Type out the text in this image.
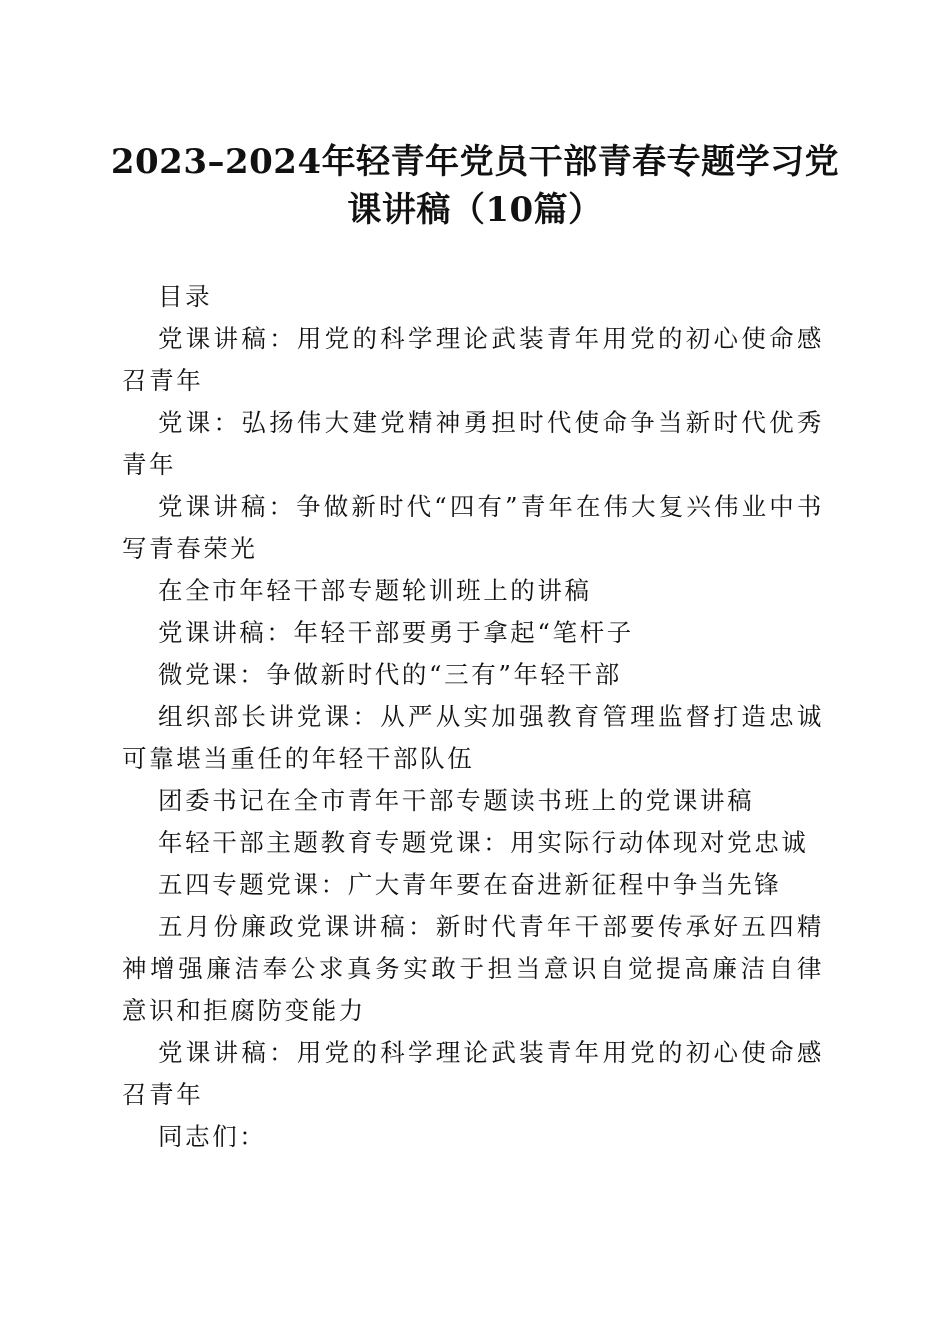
2023–2024年轻青年党员干部青春专题学习党
课讲稿（10篇）

目录

党课讲稿：用党的科学理论武装青年用党的初心使命感召青年

党课：弘扬伟大建党精神勇担时代使命争当新时代优秀青年

党课讲稿：争做新时代“四有”青年在伟大复兴伟业中书写青春荣光

在全市年轻干部专题轮训班上的讲稿

党课讲稿：年轻干部要勇于拿起“笔杆子

微党课：争做新时代的“三有”年轻干部

组织部长讲党课：从严从实加强教育管理监督打造忠诚可靠堪当重任的年轻干部队伍

团委书记在全市青年干部专题读书班上的党课讲稿

年轻干部主题教育专题党课：用实际行动体现对党忠诚

五四专题党课：广大青年要在奋进新征程中争当先锋

五月份廉政党课讲稿：新时代青年干部要传承好五四精神增强廉洁奉公求真务实敢于担当意识自觉提高廉洁自律意识和拒腐防变能力

党课讲稿：用党的科学理论武装青年用党的初心使命感召青年

同志们：
